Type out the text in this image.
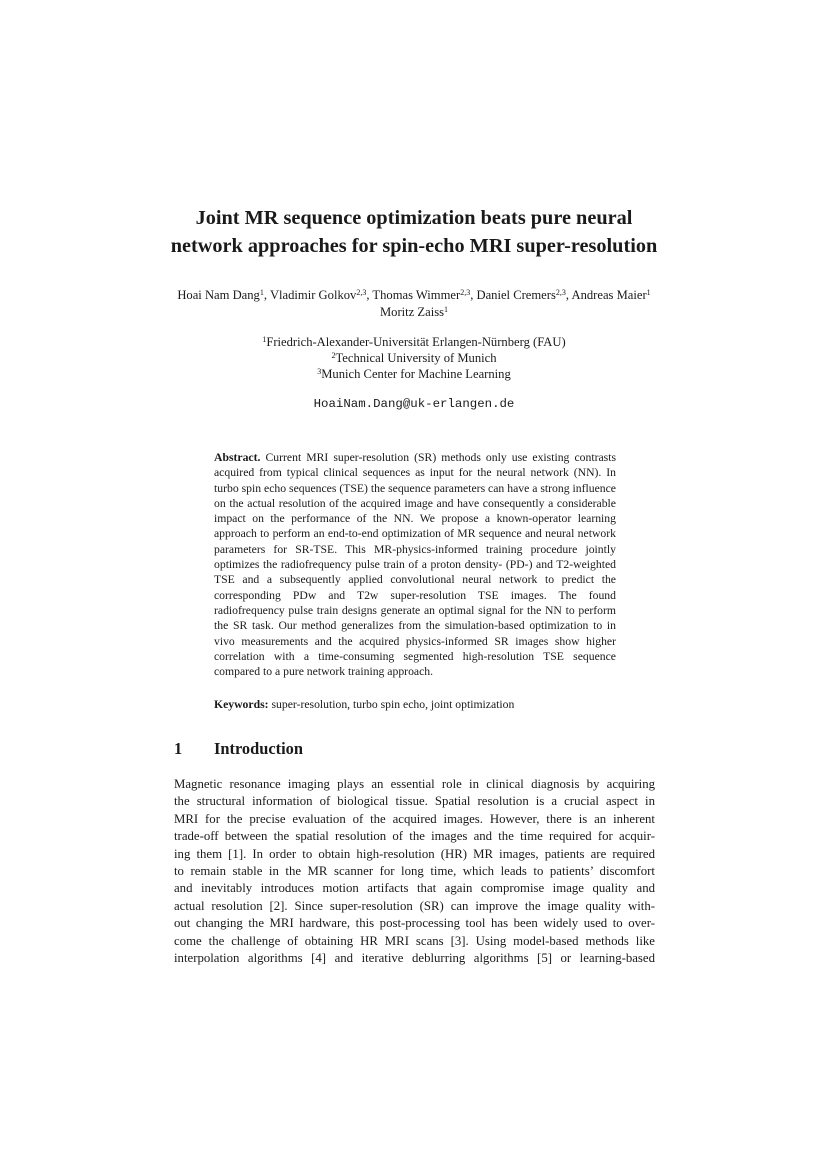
Joint MR sequence optimization beats pure neural
network approaches for spin-echo MRI super-resolution
Hoai Nam Dang$^1$, Vladimir Golkov$^{2,3}$, Thomas Wimmer$^{2,3}$, Daniel Cremers$^{2,3}$, Andreas Maier$^1$
Moritz Zaiss$^1$
$^1$Friedrich-Alexander-Universität Erlangen-Nürnberg (FAU)
$^2$Technical University of Munich
$^3$Munich Center for Machine Learning
HoaiNam.Dang@uk-erlangen.de
Abstract. Current MRI super-resolution (SR) methods only use existing contrasts acquired from typical clinical sequences as input for the neural network (NN). In turbo spin echo sequences (TSE) the sequence parameters can have a strong influence on the actual resolution of the acquired image and have consequently a considerable impact on the performance of the NN. We propose a known-operator learning approach to perform an end-to-end optimization of MR sequence and neural network parameters for SR-TSE. This MR-physics-informed training procedure jointly optimizes the radiofrequency pulse train of a proton density- (PD-) and T2-weighted TSE and a subsequently applied convolutional neural network to predict the corresponding PDw and T2w super-resolution TSE images. The found radiofrequency pulse train designs generate an optimal signal for the NN to perform the SR task. Our method generalizes from the simulation-based optimization to in vivo measurements and the acquired physics-informed SR images show higher correlation with a time-consuming segmented high-resolution TSE sequence compared to a pure network training approach.
Keywords: super-resolution, turbo spin echo, joint optimization
1 Introduction
Magnetic resonance imaging plays an essential role in clinical diagnosis by acquiring
the structural information of biological tissue. Spatial resolution is a crucial aspect in
MRI for the precise evaluation of the acquired images. However, there is an inherent
trade-off between the spatial resolution of the images and the time required for acquir-
ing them [1]. In order to obtain high-resolution (HR) MR images, patients are required
to remain stable in the MR scanner for long time, which leads to patients’ discomfort
and inevitably introduces motion artifacts that again compromise image quality and
actual resolution [2]. Since super-resolution (SR) can improve the image quality with-
out changing the MRI hardware, this post-processing tool has been widely used to over-
come the challenge of obtaining HR MRI scans [3]. Using model-based methods like
interpolation algorithms [4] and iterative deblurring algorithms [5] or learning-based
